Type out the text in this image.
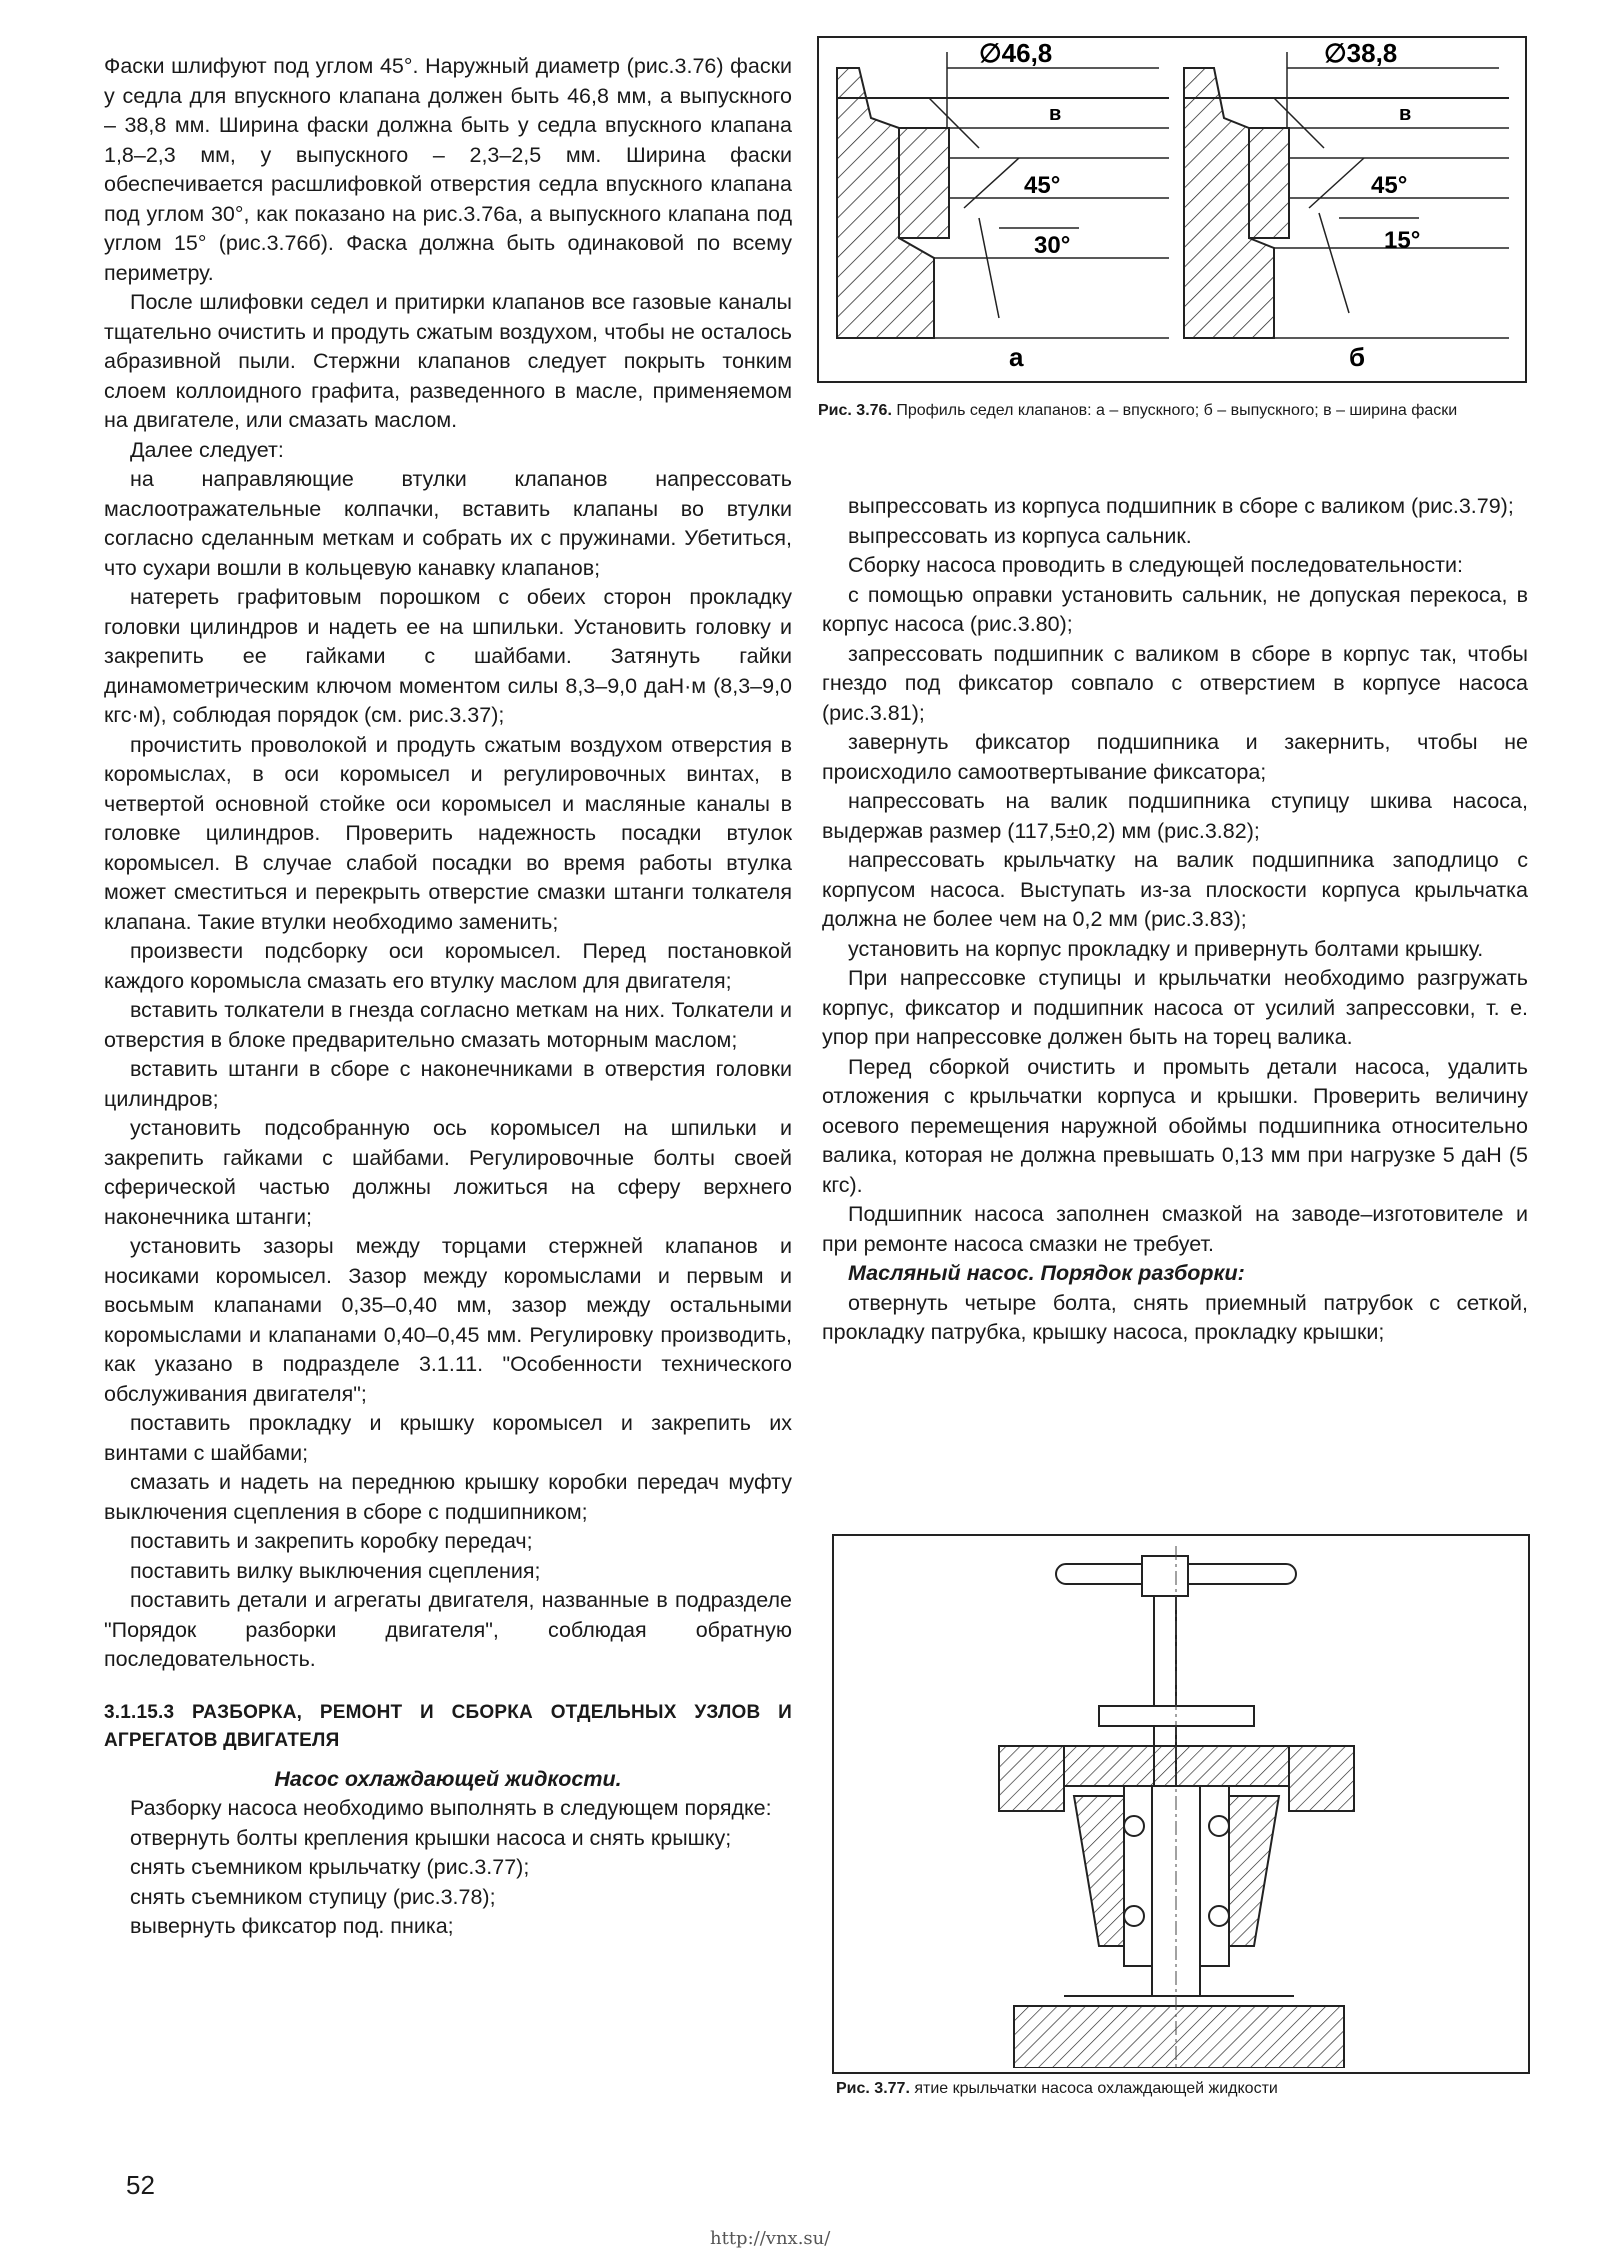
Фаски шлифуют под углом 45°. Наружный диаметр (рис.3.76) фаски у седла для впускного клапана должен быть 46,8 мм, а выпускного – 38,8 мм. Ширина фаски должна быть у седла впускного клапана 1,8–2,3 мм, у выпускного – 2,3–2,5 мм. Ширина фаски обеспечивается расшлифовкой отверстия седла впускного клапана под углом 30°, как показано на рис.3.76а, а выпускного клапана под углом 15° (рис.3.76б). Фаска должна быть одинаковой по всему периметру.

После шлифовки седел и притирки клапанов все газовые каналы тщательно очистить и продуть сжатым воздухом, чтобы не осталось абразивной пыли. Стержни клапанов следует покрыть тонким слоем коллоидного графита, разведенного в масле, применяемом на двигателе, или смазать маслом.

Далее следует:

на направляющие втулки клапанов напрессовать маслоотражательные колпачки, вставить клапаны во втулки согласно сделанным меткам и собрать их с пружинами. Убетиться, что сухари вошли в кольцевую канавку клапанов;

натереть графитовым порошком с обеих сторон прокладку головки цилиндров и надеть ее на шпильки. Установить головку и закрепить ее гайками с шайбами. Затянуть гайки динамометрическим ключом моментом силы 8,3–9,0 даН·м (8,3–9,0 кгс·м), соблюдая порядок (см. рис.3.37);

прочистить проволокой и продуть сжатым воздухом отверстия в коромыслах, в оси коромысел и регулировочных винтах, в четвертой основной стойке оси коромысел и масляные каналы в головке цилиндров. Проверить надежность посадки втулок коромысел. В случае слабой посадки во время работы втулка может сместиться и перекрыть отверстие смазки штанги толкателя клапана. Такие втулки необходимо заменить;

произвести подсборку оси коромысел. Перед постановкой каждого коромысла смазать его втулку маслом для двигателя;

вставить толкатели в гнезда согласно меткам на них. Толкатели и отверстия в блоке предварительно смазать моторным маслом;

вставить штанги в сборе с наконечниками в отверстия головки цилиндров;

установить подсобранную ось коромысел на шпильки и закрепить гайками с шайбами. Регулировочные болты своей сферической частью должны ложиться на сферу верхнего наконечника штанги;

установить зазоры между торцами стержней клапанов и носиками коромысел. Зазор между коромыслами и первым и восьмым клапанами 0,35–0,40 мм, зазор между остальными коромыслами и клапанами 0,40–0,45 мм. Регулировку производить, как указано в подразделе 3.1.11. "Особенности технического обслуживания двигателя";

поставить прокладку и крышку коромысел и закрепить их винтами с шайбами;

смазать и надеть на переднюю крышку коробки передач муфту выключения сцепления в сборе с подшипником;

поставить и закрепить коробку передач;

поставить вилку выключения сцепления;

поставить детали и агрегаты двигателя, названные в подразделе "Порядок разборки двигателя", соблюдая обратную последовательность.

3.1.15.3 РАЗБОРКА, РЕМОНТ И СБОРКА ОТДЕЛЬНЫХ УЗЛОВ И АГРЕГАТОВ ДВИГАТЕЛЯ

Насос охлаждающей жидкости.

Разборку насоса необходимо выполнять в следующем порядке:

отвернуть болты крепления крышки насоса и снять крышку;

снять съемником крыльчатку (рис.3.77);

снять съемником ступицу (рис.3.78);

вывернуть фиксатор под. пника;

∅46,8	∅38,8
в	в
45°	45°
30°	15°
а	б
Рис. 3.76. Профиль седел клапанов: а – впускного; б – выпускного; в – ширина фаски

выпрессовать из корпуса подшипник в сборе с валиком (рис.3.79);

выпрессовать из корпуса сальник.

Сборку насоса проводить в следующей последовательности:

с помощью оправки установить сальник, не допуская перекоса, в корпус насоса (рис.3.80);

запрессовать подшипник с валиком в сборе в корпус так, чтобы гнездо под фиксатор совпало с отверстием в корпусе насоса (рис.3.81);

завернуть фиксатор подшипника и закернить, чтобы не происходило самоотвертывание фиксатора;

напрессовать на валик подшипника ступицу шкива насоса, выдержав размер (117,5±0,2) мм (рис.3.82);

напрессовать крыльчатку на валик подшипника заподлицо с корпусом насоса. Выступать из-за плоскости корпуса крыльчатка должна не более чем на 0,2 мм (рис.3.83);

установить на корпус прокладку и привернуть болтами крышку.

При напрессовке ступицы и крыльчатки необходимо разгружать корпус, фиксатор и подшипник насоса от усилий запрессовки, т. е. упор при напрессовке должен быть на торец валика.

Перед сборкой очистить и промыть детали насоса, удалить отложения с крыльчатки корпуса и крышки. Проверить величину осевого перемещения наружной обоймы подшипника относительно валика, которая не должна превышать 0,13 мм при нагрузке 5 даН (5 кгс).

Подшипник насоса заполнен смазкой на заводе–изготовителе и при ремонте насоса смазки не требует.

Масляный насос. Порядок разборки:

отвернуть четыре болта, снять приемный патрубок с сеткой, прокладку патрубка, крышку насоса, прокладку крышки;

Рис. 3.77. ятие крыльчатки насоса охлаждающей жидкости
52
http://vnx.su/
